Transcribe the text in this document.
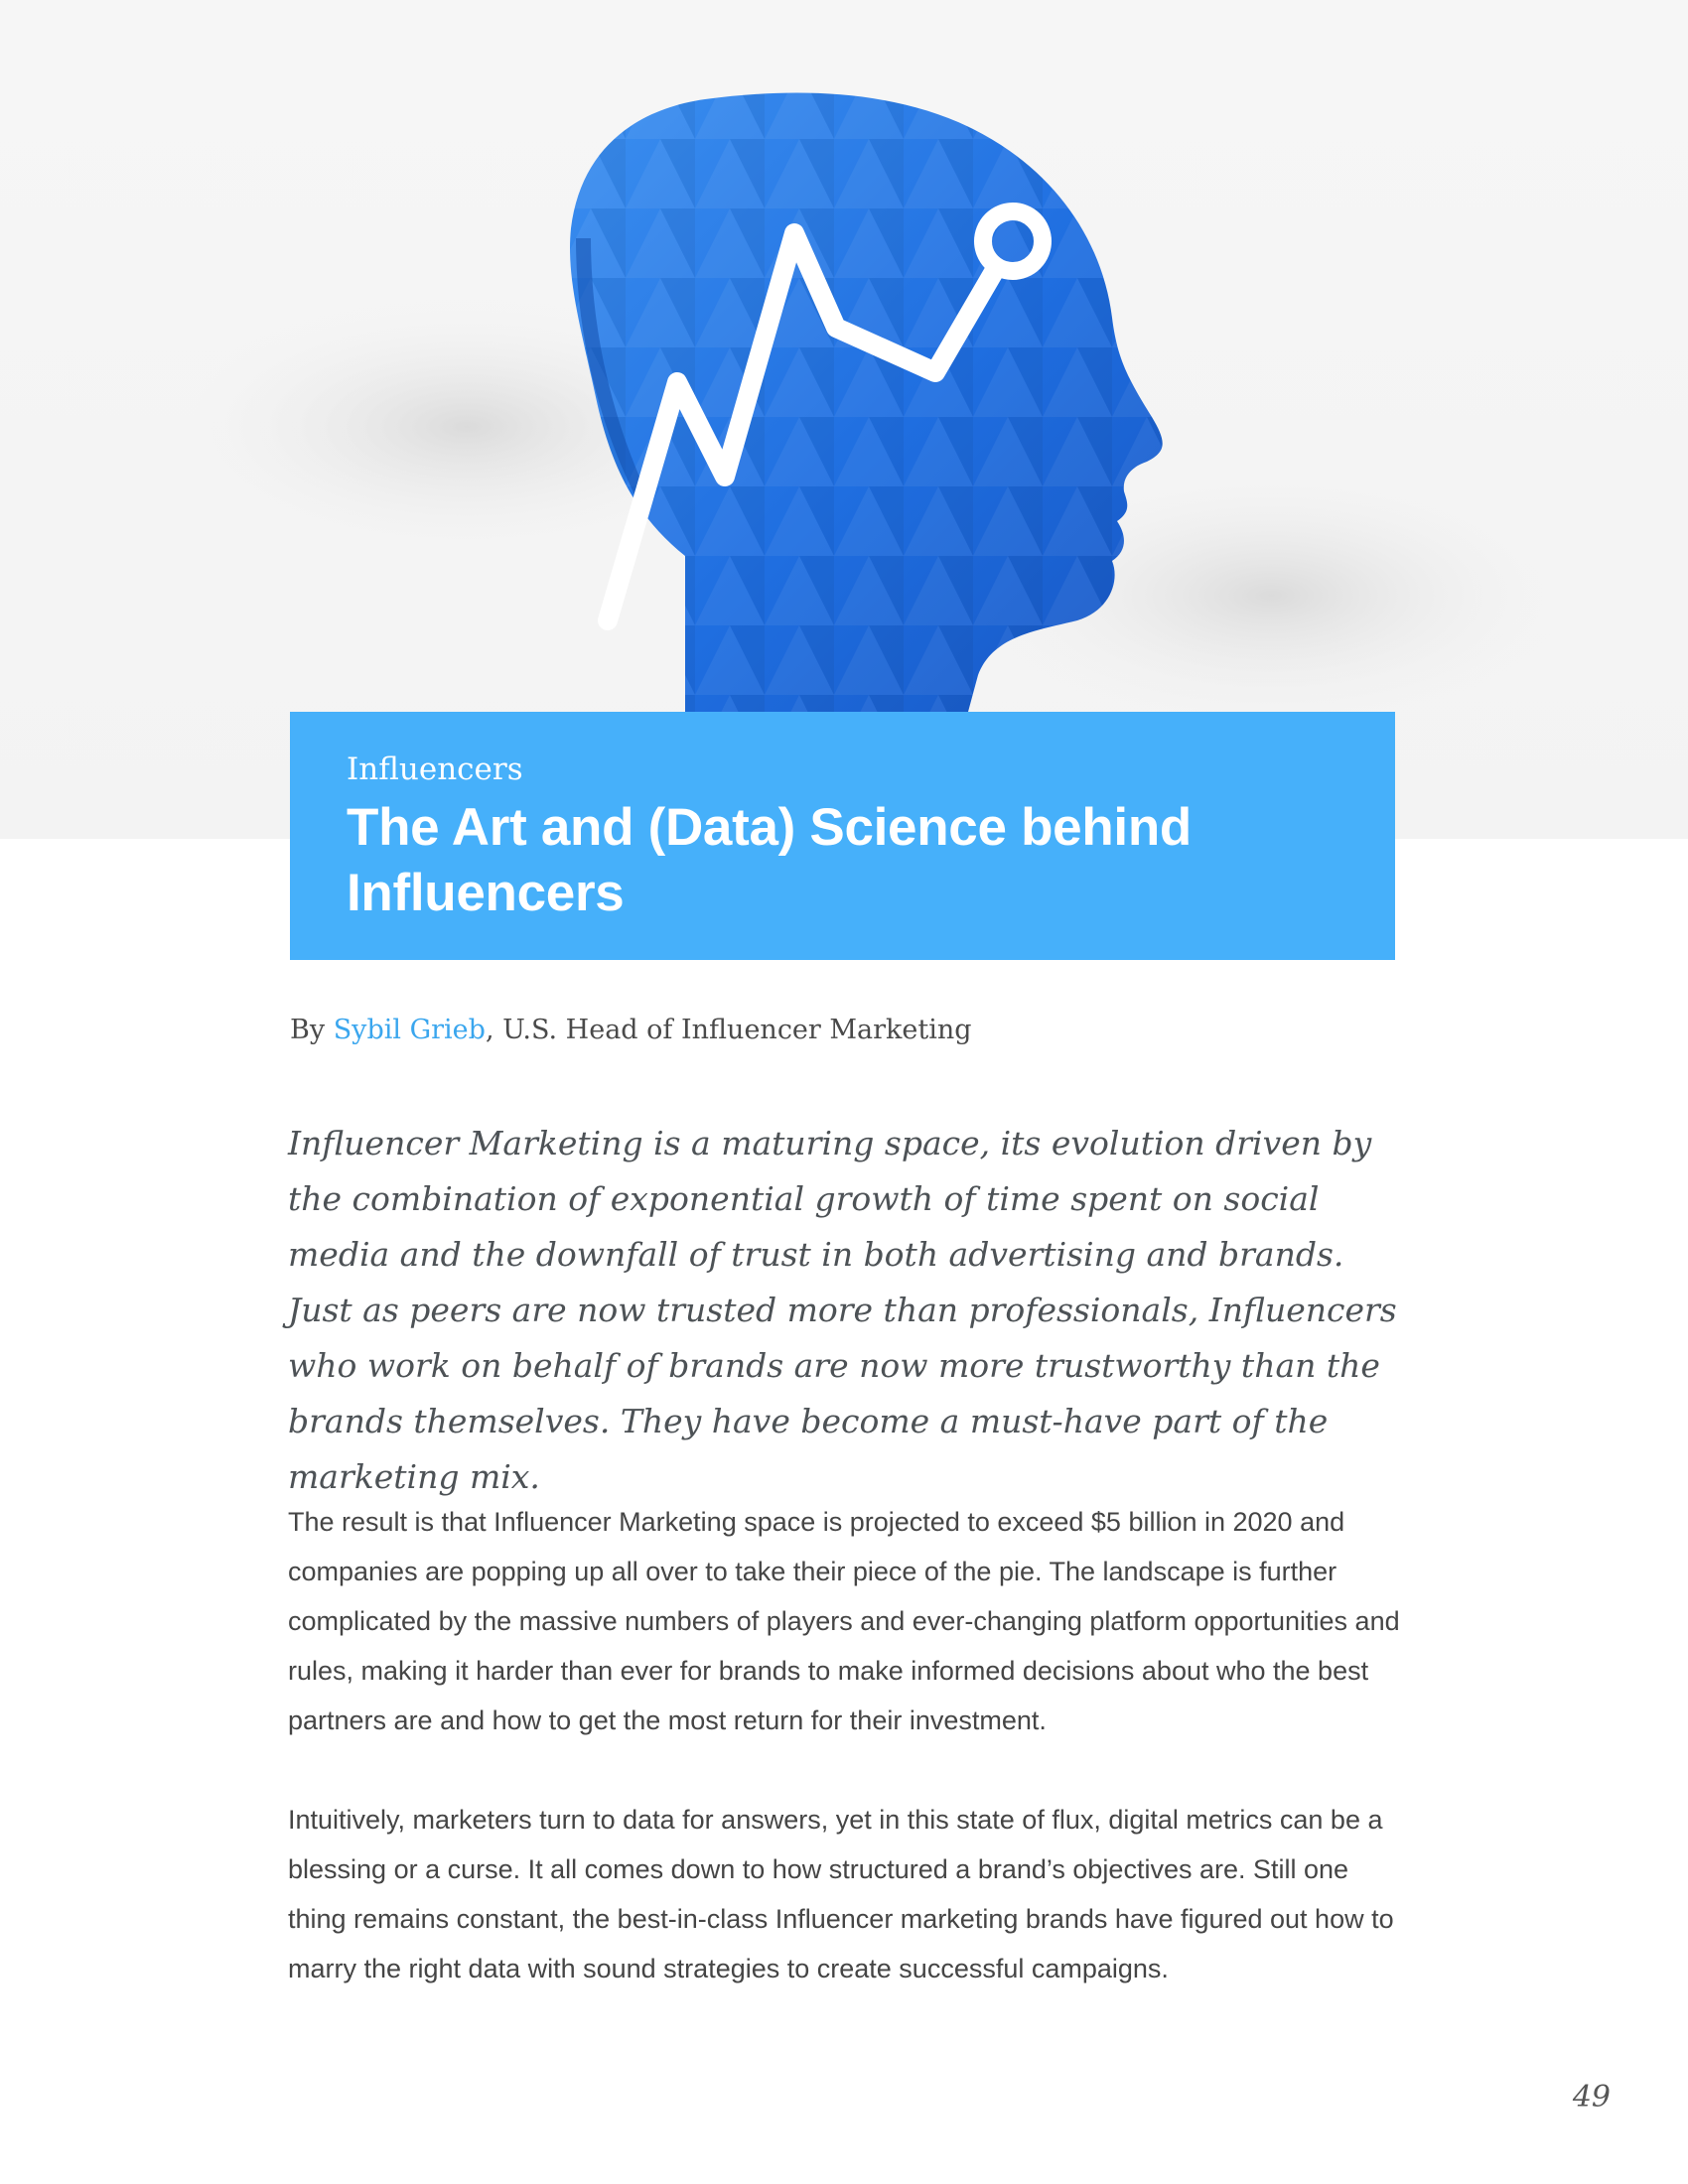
Influencers
The Art and (Data) Science behind Influencers
By Sybil Grieb, U.S. Head of Influencer Marketing

Influencer Marketing is a maturing space, its evolution driven by the combination of exponential growth of time spent on social media and the downfall of trust in both advertising and brands. Just as peers are now trusted more than professionals, Influencers who work on behalf of brands are now more trustworthy than the brands themselves. They have become a must-have part of the marketing mix.

The result is that Influencer Marketing space is projected to exceed $5 billion in 2020 and companies are popping up all over to take their piece of the pie. The landscape is further complicated by the massive numbers of players and ever-changing platform opportunities and rules, making it harder than ever for brands to make informed decisions about who the best partners are and how to get the most return for their investment.

Intuitively, marketers turn to data for answers, yet in this state of flux, digital metrics can be a blessing or a curse. It all comes down to how structured a brand’s objectives are. Still one thing remains constant, the best-in-class Influencer marketing brands have figured out how to marry the right data with sound strategies to create successful campaigns.

49
